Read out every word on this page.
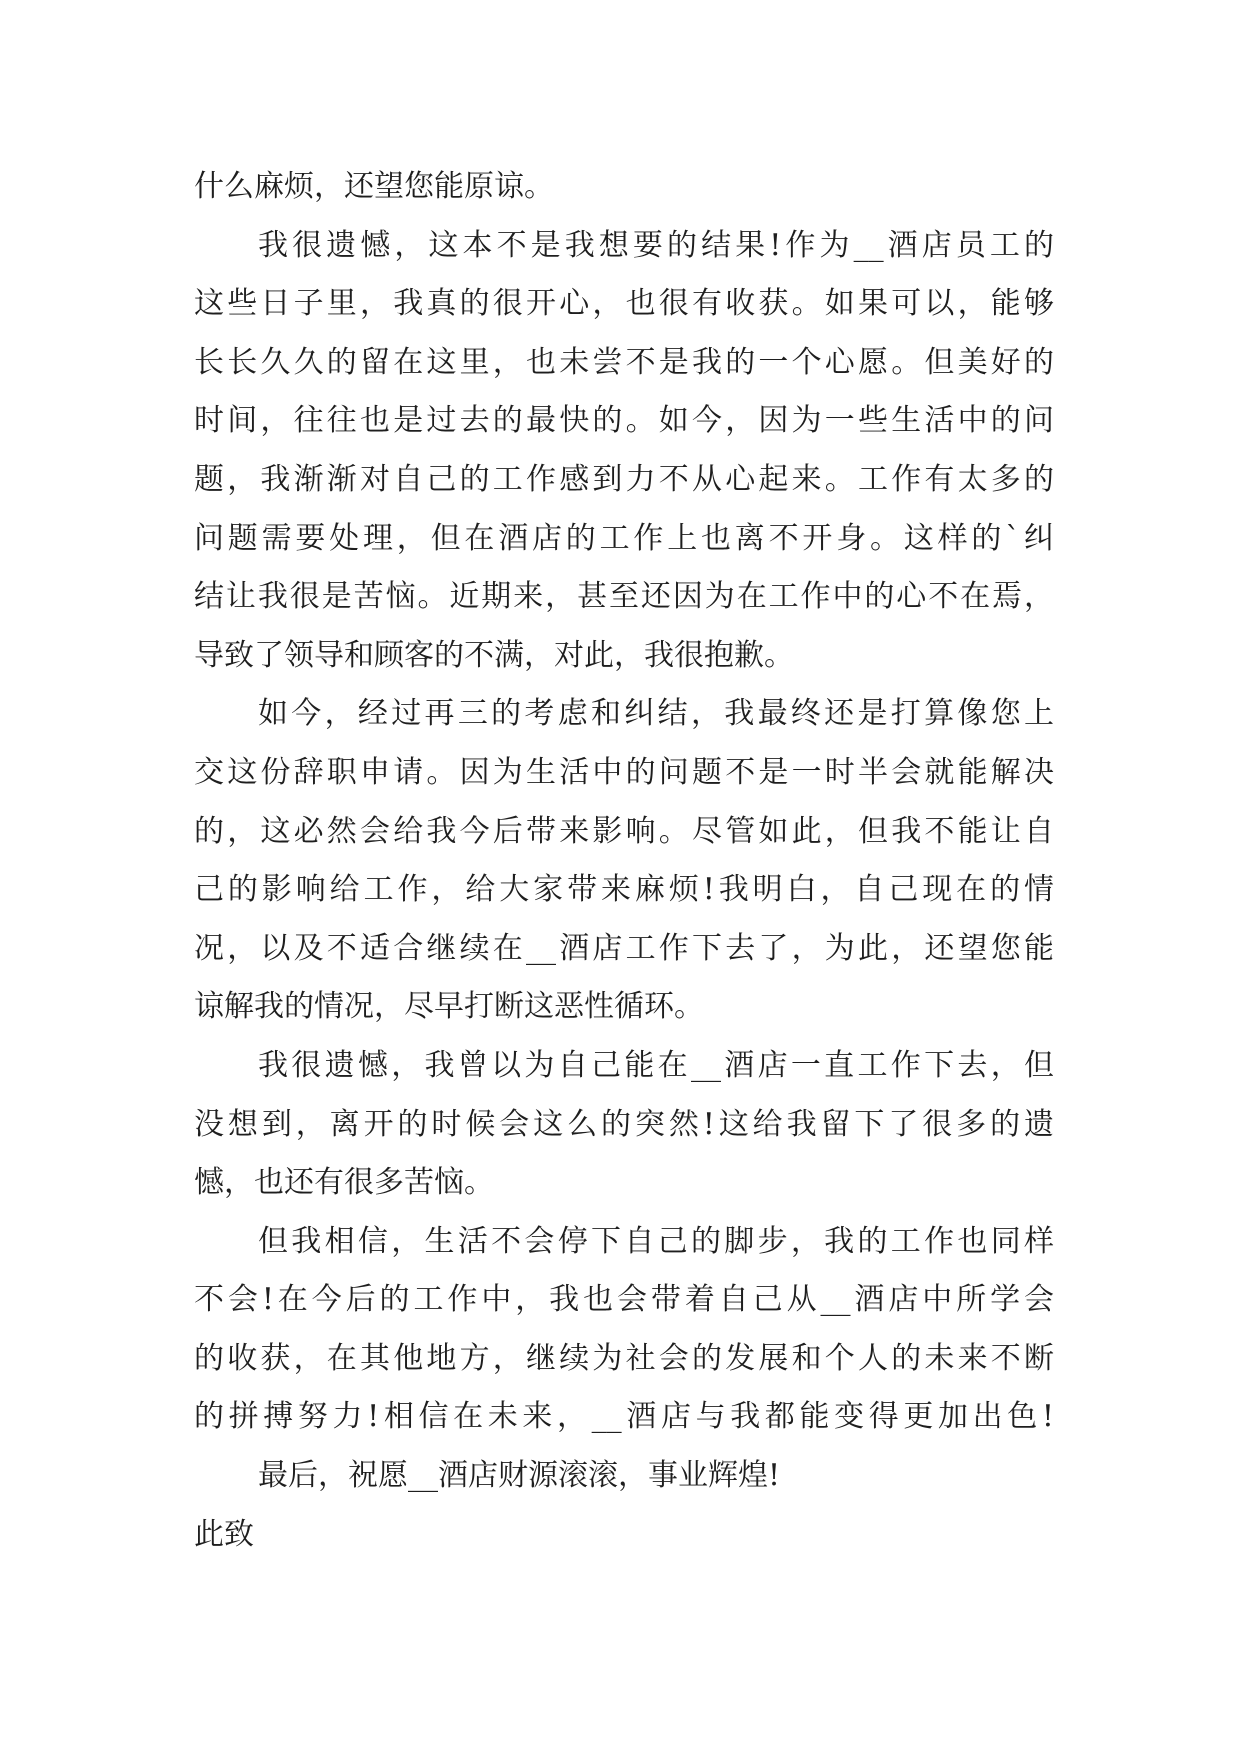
什么麻烦，还望您能原谅。
我很遗憾，这本不是我想要的结果!作为__酒店员工的
这些日子里，我真的很开心，也很有收获。如果可以，能够
长长久久的留在这里，也未尝不是我的一个心愿。但美好的
时间，往往也是过去的最快的。如今，因为一些生活中的问
题，我渐渐对自己的工作感到力不从心起来。工作有太多的
问题需要处理，但在酒店的工作上也离不开身。这样的`纠
结让我很是苦恼。近期来，甚至还因为在工作中的心不在焉，
导致了领导和顾客的不满，对此，我很抱歉。
如今，经过再三的考虑和纠结，我最终还是打算像您上
交这份辞职申请。因为生活中的问题不是一时半会就能解决
的，这必然会给我今后带来影响。尽管如此，但我不能让自
己的影响给工作，给大家带来麻烦!我明白，自己现在的情
况，以及不适合继续在__酒店工作下去了，为此，还望您能
谅解我的情况，尽早打断这恶性循环。
我很遗憾，我曾以为自己能在__酒店一直工作下去，但
没想到，离开的时候会这么的突然!这给我留下了很多的遗
憾，也还有很多苦恼。
但我相信，生活不会停下自己的脚步，我的工作也同样
不会!在今后的工作中，我也会带着自己从__酒店中所学会
的收获，在其他地方，继续为社会的发展和个人的未来不断
的拼搏努力!相信在未来，__酒店与我都能变得更加出色!
最后，祝愿__酒店财源滚滚，事业辉煌!
此致
